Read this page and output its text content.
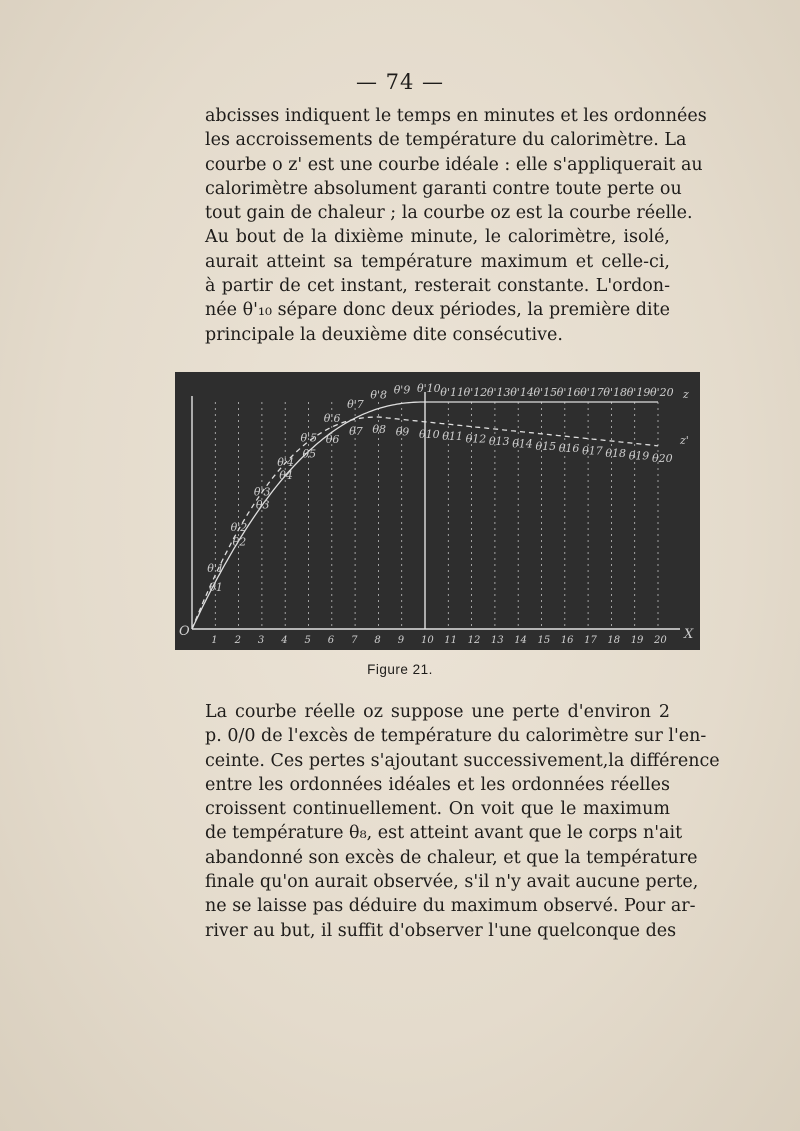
— 74 —

abcisses indiquent le temps en minutes et les ordonnées
les accroissements de température du calorimètre. La
courbe o z' est une courbe idéale : elle s'appliquerait au
calorimètre absolument garanti contre toute perte ou
tout gain de chaleur ; la courbe oz est la courbe réelle.
Au bout de la dixième minute, le calorimètre, isolé,
aurait atteint sa température maximum et celle-ci,
à partir de cet instant, resterait constante. L'ordon-
née θ'₁₀ sépare donc deux périodes, la première dite
principale la deuxième dite consécutive.

O	X
1 2 3 4 5 6 7 8 9 10 11 12 13 14 15 16 17 18 19 20
θ'1
θ'2
θ'3
θ'4
θ'5
θ'6
θ'7
θ'8 θ'9 θ'10 θ'11 θ'12 θ'13 θ'14 θ'15 θ'16 θ'17 θ'18 θ'19 θ'20
θ1
θ2
θ3
θ4
θ5
θ6
θ7 θ8 θ9 θ10 θ11 θ12 θ13 θ14 θ15 θ16 θ17 θ18 θ19 θ20
z
z'
Figure 21.

La courbe réelle oz suppose une perte d'environ 2
p. 0/0 de l'excès de température du calorimètre sur l'en-
ceinte. Ces pertes s'ajoutant successivement,la différence
entre les ordonnées idéales et les ordonnées réelles
croissent continuellement. On voit que le maximum
de température θ₈, est atteint avant que le corps n'ait
abandonné son excès de chaleur, et que la température
finale qu'on aurait observée, s'il n'y avait aucune perte,
ne se laisse pas déduire du maximum observé. Pour ar-
river au but, il suffit d'observer l'une quelconque des
